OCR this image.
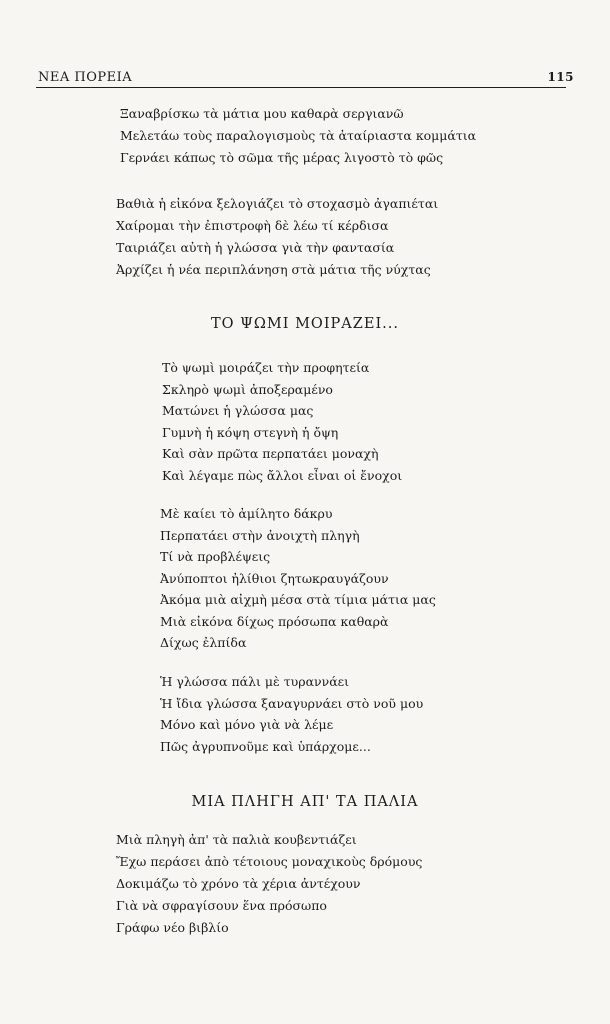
ΝΕΑ ΠΟΡΕΙΑ	115
Ξαναβρίσκω τὰ μάτια μου καθαρὰ σεργιανῶ
Μελετάω τοὺς παραλογισμοὺς τὰ ἀταίριαστα κομμάτια
Γερνάει κάπως τὸ σῶμα τῆς μέρας λιγοστὸ τὸ φῶς
Βαθιὰ ἡ εἰκόνα ξελογιάζει τὸ στοχασμὸ ἀγαπιέται
Χαίρομαι τὴν ἐπιστροφὴ δὲ λέω τί κέρδισα
Ταιριάζει αὐτὴ ἡ γλώσσα γιὰ τὴν φαντασία
Ἀρχίζει ἡ νέα περιπλάνηση στὰ μάτια τῆς νύχτας
ΤΟ ΨΩΜΙ ΜΟΙΡΑΖΕΙ...
Τὸ ψωμὶ μοιράζει τὴν προφητεία
Σκληρὸ ψωμὶ ἀποξεραμένο
Ματώνει ἡ γλώσσα μας
Γυμνὴ ἡ κόψη στεγνὴ ἡ ὄψη
Καὶ σὰν πρῶτα περπατάει μοναχὴ
Καὶ λέγαμε πὼς ἄλλοι εἶναι οἱ ἔνοχοι
Μὲ καίει τὸ ἀμίλητο δάκρυ
Περπατάει στὴν ἀνοιχτὴ πληγὴ
Τί νὰ προβλέψεις
Ἀνύποπτοι ἠλίθιοι ζητωκραυγάζουν
Ἀκόμα μιὰ αἰχμὴ μέσα στὰ τίμια μάτια μας
Μιὰ εἰκόνα δίχως πρόσωπα καθαρὰ
Δίχως ἐλπίδα
Ἡ γλώσσα πάλι μὲ τυραννάει
Ἡ ἴδια γλώσσα ξαναγυρνάει στὸ νοῦ μου
Μόνο καὶ μόνο γιὰ νὰ λέμε
Πῶς ἀγρυπνοῦμε καὶ ὑπάρχομε...
ΜΙΑ ΠΛΗΓΗ ΑΠ' ΤΑ ΠΑΛΙΑ
Μιὰ πληγὴ ἀπ' τὰ παλιὰ κουβεντιάζει
Ἔχω περάσει ἀπὸ τέτοιους μοναχικοὺς δρόμους
Δοκιμάζω τὸ χρόνο τὰ χέρια ἀντέχουν
Γιὰ νὰ σφραγίσουν ἕνα πρόσωπο
Γράφω νέο βιβλίο
